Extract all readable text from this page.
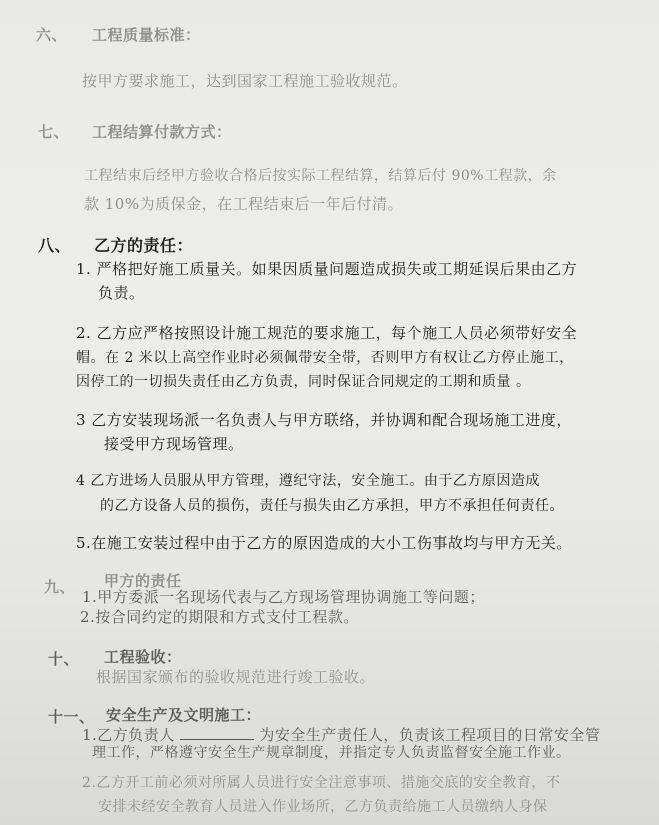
六、 工程质量标准：
按甲方要求施工，达到国家工程施工验收规范。
七、 工程结算付款方式：
工程结束后经甲方验收合格后按实际工程结算，结算后付 90%工程款，余
款 10%为质保金，在工程结束后一年后付清。
八、 乙方的责任：
1. 严格把好施工质量关。如果因质量问题造成损失或工期延误后果由乙方
负责。
2. 乙方应严格按照设计施工规范的要求施工，每个施工人员必须带好安全
帽。在 2 米以上高空作业时必须佩带安全带，否则甲方有权让乙方停止施工，
因停工的一切损失责任由乙方负责，同时保证合同规定的工期和质量 。
3 乙方安装现场派一名负责人与甲方联络，并协调和配合现场施工进度，
接受甲方现场管理。
4 乙方进场人员服从甲方管理，遵纪守法，安全施工。由于乙方原因造成
的乙方设备人员的损伤，责任与损失由乙方承担，甲方不承担任何责任。
5.在施工安装过程中由于乙方的原因造成的大小工伤事故均与甲方无关。
九、 甲方的责任
1.甲方委派一名现场代表与乙方现场管理协调施工等问题；
2.按合同约定的期限和方式支付工程款。
十、 工程验收：
根据国家颁布的验收规范进行竣工验收。
十一、 安全生产及文明施工：
1.乙方负责人	为安全生产责任人，负责该工程项目的日常安全管
理工作，严格遵守安全生产规章制度，并指定专人负责监督安全施工作业。
2.乙方开工前必须对所属人员进行安全注意事项、措施交底的安全教育，不
安排未经安全教育人员进入作业场所，乙方负责给施工人员缴纳人身保
